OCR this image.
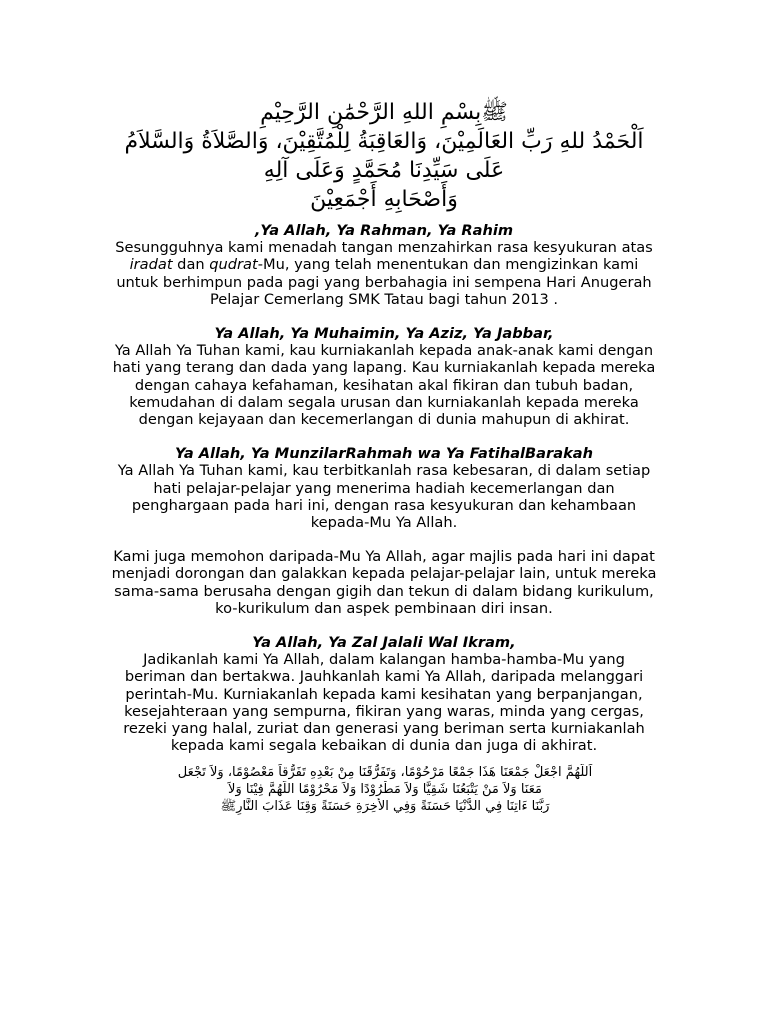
ﷺبِسْمِ اللهِ الرَّحْمَٰنِ الرَّحِيْمِ
اَلْحَمْدُ للهِ رَبِّ العَالَمِيْنَ، وَالعَاقِبَةُ لِلْمُتَّقِيْنَ، وَالصَّلاَةُ وَالسَّلاَمُ
عَلَى سَيِّدِنَا مُحَمَّدٍ وَعَلَى آلِهِ
وَأَصْحَابِهِ أَجْمَعِيْنَ
,Ya Allah, Ya Rahman, Ya Rahim
Sesungguhnya kami menadah tangan menzahirkan rasa kesyukuran atas
iradat dan qudrat-Mu, yang telah menentukan dan mengizinkan kami
untuk berhimpun pada pagi yang berbahagia ini sempena Hari Anugerah
Pelajar Cemerlang SMK Tatau bagi tahun 2013 .
Ya Allah, Ya Muhaimin, Ya Aziz, Ya Jabbar,
Ya Allah Ya Tuhan kami, kau kurniakanlah kepada anak-anak kami dengan
hati yang terang dan dada yang lapang. Kau kurniakanlah kepada mereka
dengan cahaya kefahaman, kesihatan akal fikiran dan tubuh badan,
kemudahan di dalam segala urusan dan kurniakanlah kepada mereka
dengan kejayaan dan kecemerlangan di dunia mahupun di akhirat.
Ya Allah, Ya MunzilarRahmah wa Ya FatihalBarakah
Ya Allah Ya Tuhan kami, kau terbitkanlah rasa kebesaran, di dalam setiap
hati pelajar-pelajar yang menerima hadiah kecemerlangan dan
penghargaan pada hari ini, dengan rasa kesyukuran dan kehambaan
kepada-Mu Ya Allah.
Kami juga memohon daripada-Mu Ya Allah, agar majlis pada hari ini dapat
menjadi dorongan dan galakkan kepada pelajar-pelajar lain, untuk mereka
sama-sama berusaha dengan gigih dan tekun di dalam bidang kurikulum,
ko-kurikulum dan aspek pembinaan diri insan.
Ya Allah, Ya Zal Jalali Wal Ikram,
Jadikanlah kami Ya Allah, dalam kalangan hamba-hamba-Mu yang
beriman dan bertakwa. Jauhkanlah kami Ya Allah, daripada melanggari
perintah-Mu. Kurniakanlah kepada kami kesihatan yang berpanjangan,
kesejahteraan yang sempurna, fikiran yang waras, minda yang cergas,
rezeki yang halal, zuriat dan generasi yang beriman serta kurniakanlah
kepada kami segala kebaikan di dunia dan juga di akhirat.
اَللَّهُمَّ اجْعَلْ جَمْعَنَا هَذَا جَمْعًا مَرْحُوْمًا، وَتَفَرُّقَنَا مِنْ بَعْدِهِ تَفَرُّقاً مَعْصُوْمًا، وَلاَ تَجْعَل
مَعَنَا وَلاَ مَنْ يَتْبَعُنَا شَقِيًّا وَلاَ مَطْرُوْدًا وَلاَ مَحْرُوْمًا اللَّهُمَّ فِيْنَا وَلاَ
رَبَّنَا ءَاتِنَا فِي الدُّنْيَا حَسَنَةً وَفِي الأَخِرَةِ حَسَنَةً وَقِنَا عَذَابَ النَّارِﷺ
